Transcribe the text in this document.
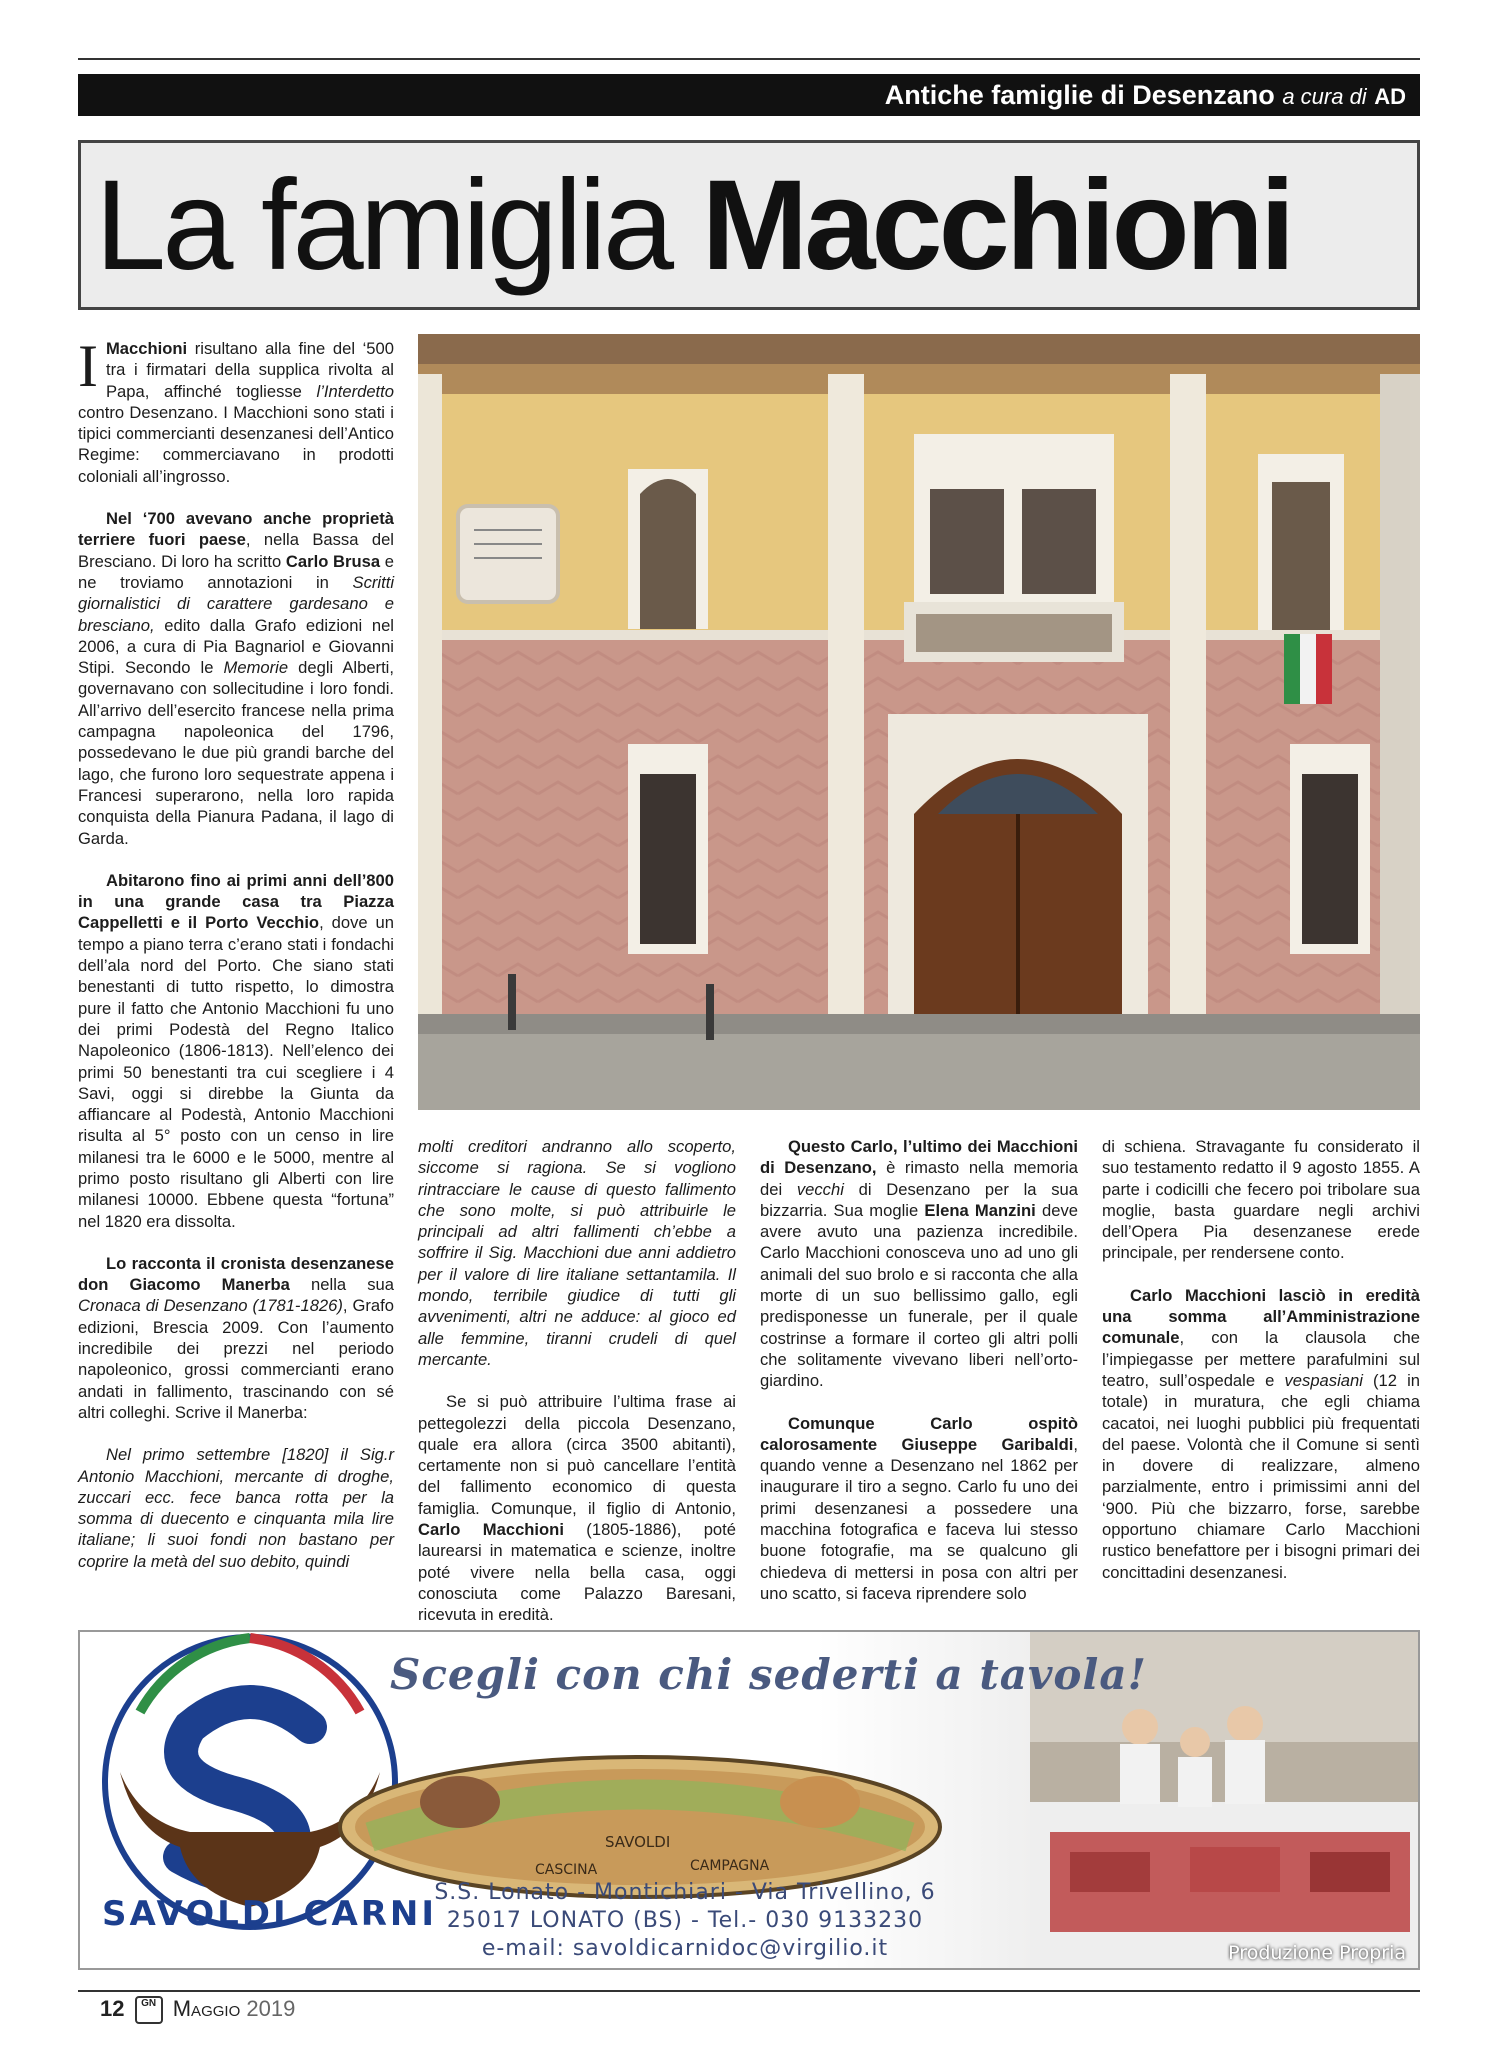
Antiche famiglie di Desenzano a cura di AD
La famiglia Macchioni

I Macchioni risultano alla fine del ‘500 tra i firmatari della supplica rivolta al Papa, affinché togliesse l’Interdetto contro Desenzano. I Macchioni sono stati i tipici commercianti desenzanesi dell’Antico Regime: commerciavano in prodotti coloniali all’ingrosso.

Nel ‘700 avevano anche proprietà terriere fuori paese, nella Bassa del Bresciano. Di loro ha scritto Carlo Brusa e ne troviamo annotazioni in Scritti giornalistici di carattere gardesano e bresciano, edito dalla Grafo edizioni nel 2006, a cura di Pia Bagnariol e Giovanni Stipi. Secondo le Memorie degli Alberti, governavano con sollecitudine i loro fondi. All’arrivo dell’esercito francese nella prima campagna napoleonica del 1796, possedevano le due più grandi barche del lago, che furono loro sequestrate appena i Francesi superarono, nella loro rapida conquista della Pianura Padana, il lago di Garda.

Abitarono fino ai primi anni dell’800 in una grande casa tra Piazza Cappelletti e il Porto Vecchio, dove un tempo a piano terra c’erano stati i fondachi dell’ala nord del Porto. Che siano stati benestanti di tutto rispetto, lo dimostra pure il fatto che Antonio Macchioni fu uno dei primi Podestà del Regno Italico Napoleonico (1806-1813). Nell’elenco dei primi 50 benestanti tra cui sceglierе i 4 Savi, oggi si direbbe la Giunta da affiancare al Podestà, Antonio Macchioni risulta al 5° posto con un censo in lire milanesi tra le 6000 e le 5000, mentre al primo posto risultano gli Alberti con lire milanesi 10000. Ebbene questa “fortuna” nel 1820 era dissolta.

Lo racconta il cronista desenzanese don Giacomo Manerba nella sua Cronaca di Desenzano (1781-1826), Grafo edizioni, Brescia 2009. Con l’aumento incredibile dei prezzi nel periodo napoleonico, grossi commercianti erano andati in fallimento, trascinando con sé altri colleghi. Scrive il Manerba:

Nel primo settembre [1820] il Sig.r Antonio Macchioni, mercante di droghe, zuccari ecc. fece banca rotta per la somma di duecento e cinquanta mila lire italiane; li suoi fondi non bastano per coprire la metà del suo debito, quindi

molti creditori andranno allo scoperto, siccome si ragiona. Se si vogliono rintracciare le cause di questo fallimento che sono molte, si può attribuirle le principali ad altri fallimenti ch’ebbe a soffrire il Sig. Macchioni due anni addietro per il valore di lire italiane settantamila. Il mondo, terribile giudice di tutti gli avvenimenti, altri ne adduce: al gioco ed alle femmine, tiranni crudeli di quel mercante.

Se si può attribuire l’ultima frase ai pettegolezzi della piccola Desenzano, quale era allora (circa 3500 abitanti), certamente non si può cancellare l’entità del fallimento economico di questa famiglia. Comunque, il figlio di Antonio, Carlo Macchioni (1805-1886), poté laurearsi in matematica e scienze, inoltre poté vivere nella bella casa, oggi conosciuta come Palazzo Baresani, ricevuta in eredità.

Questo Carlo, l’ultimo dei Macchioni di Desenzano, è rimasto nella memoria dei vecchi di Desenzano per la sua bizzarria. Sua moglie Elena Manzini deve avere avuto una pazienza incredibile. Carlo Macchioni conosceva uno ad uno gli animali del suo brolo e si racconta che alla morte di un suo bellissimo gallo, egli predisponesse un funerale, per il quale costrinse a formare il corteo gli altri polli che solitamente vivevano liberi nell’orto-giardino.

Comunque Carlo ospitò calorosamente Giuseppe Garibaldi, quando venne a Desenzano nel 1862 per inaugurare il tiro a segno. Carlo fu uno dei primi desenzanesi a possedere una macchina fotografica e faceva lui stesso buone fotografie, ma se qualcuno gli chiedeva di mettersi in posa con altri per uno scatto, si faceva riprendere solo

di schiena. Stravagante fu considerato il suo testamento redatto il 9 agosto 1855. A parte i codicilli che fecero poi tribolare sua moglie, basta guardare negli archivi dell’Opera Pia desenzanese erede principale, per rendersene conto.

Carlo Macchioni lasciò in eredità una somma all’Amministrazione comunale, con la clausola che l’impiegasse per mettere parafulmini sul teatro, sull’ospedale e vespasiani (12 in totale) in muratura, che egli chiama cacatoi, nei luoghi pubblici più frequentati del paese. Volontà che il Comune si sentì in dovere di realizzare, almeno parzialmente, entro i primissimi anni del ‘900. Più che bizzarro, forse, sarebbe opportuno chiamare Carlo Macchioni rustico benefattore per i bisogni primari dei concittadini desenzanesi.

CASCINA
SAVOLDI
CAMPAGNA
Scegli con chi sederti a tavola!
S.S. Lonato - Montichiari - Via Trivellino, 6
25017 LONATO (BS) - Tel.- 030 9133230
e-mail: savoldicarnidoc@virgilio.it
SAVOLDI CARNI
Produzione Propria
12 GN Maggio 2019
